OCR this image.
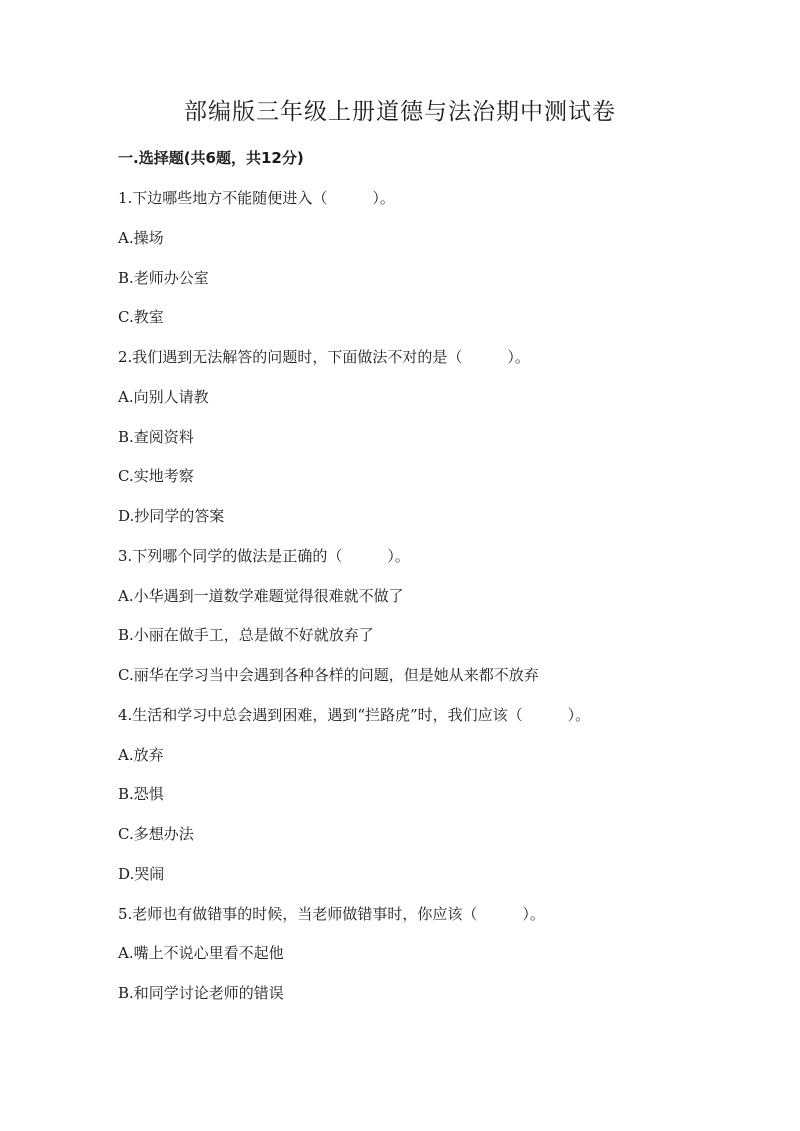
部编版三年级上册道德与法治期中测试卷
一.选择题(共6题，共12分)
1.下边哪些地方不能随便进入（　　　）。
A.操场
B.老师办公室
C.教室
2.我们遇到无法解答的问题时，下面做法不对的是（　　　）。
A.向别人请教
B.查阅资料
C.实地考察
D.抄同学的答案
3.下列哪个同学的做法是正确的（　　　）。
A.小华遇到一道数学难题觉得很难就不做了
B.小丽在做手工，总是做不好就放弃了
C.丽华在学习当中会遇到各种各样的问题，但是她从来都不放弃
4.生活和学习中总会遇到困难，遇到“拦路虎”时，我们应该（　　　）。
A.放弃
B.恐惧
C.多想办法
D.哭闹
5.老师也有做错事的时候，当老师做错事时，你应该（　　　）。
A.嘴上不说心里看不起他
B.和同学讨论老师的错误
